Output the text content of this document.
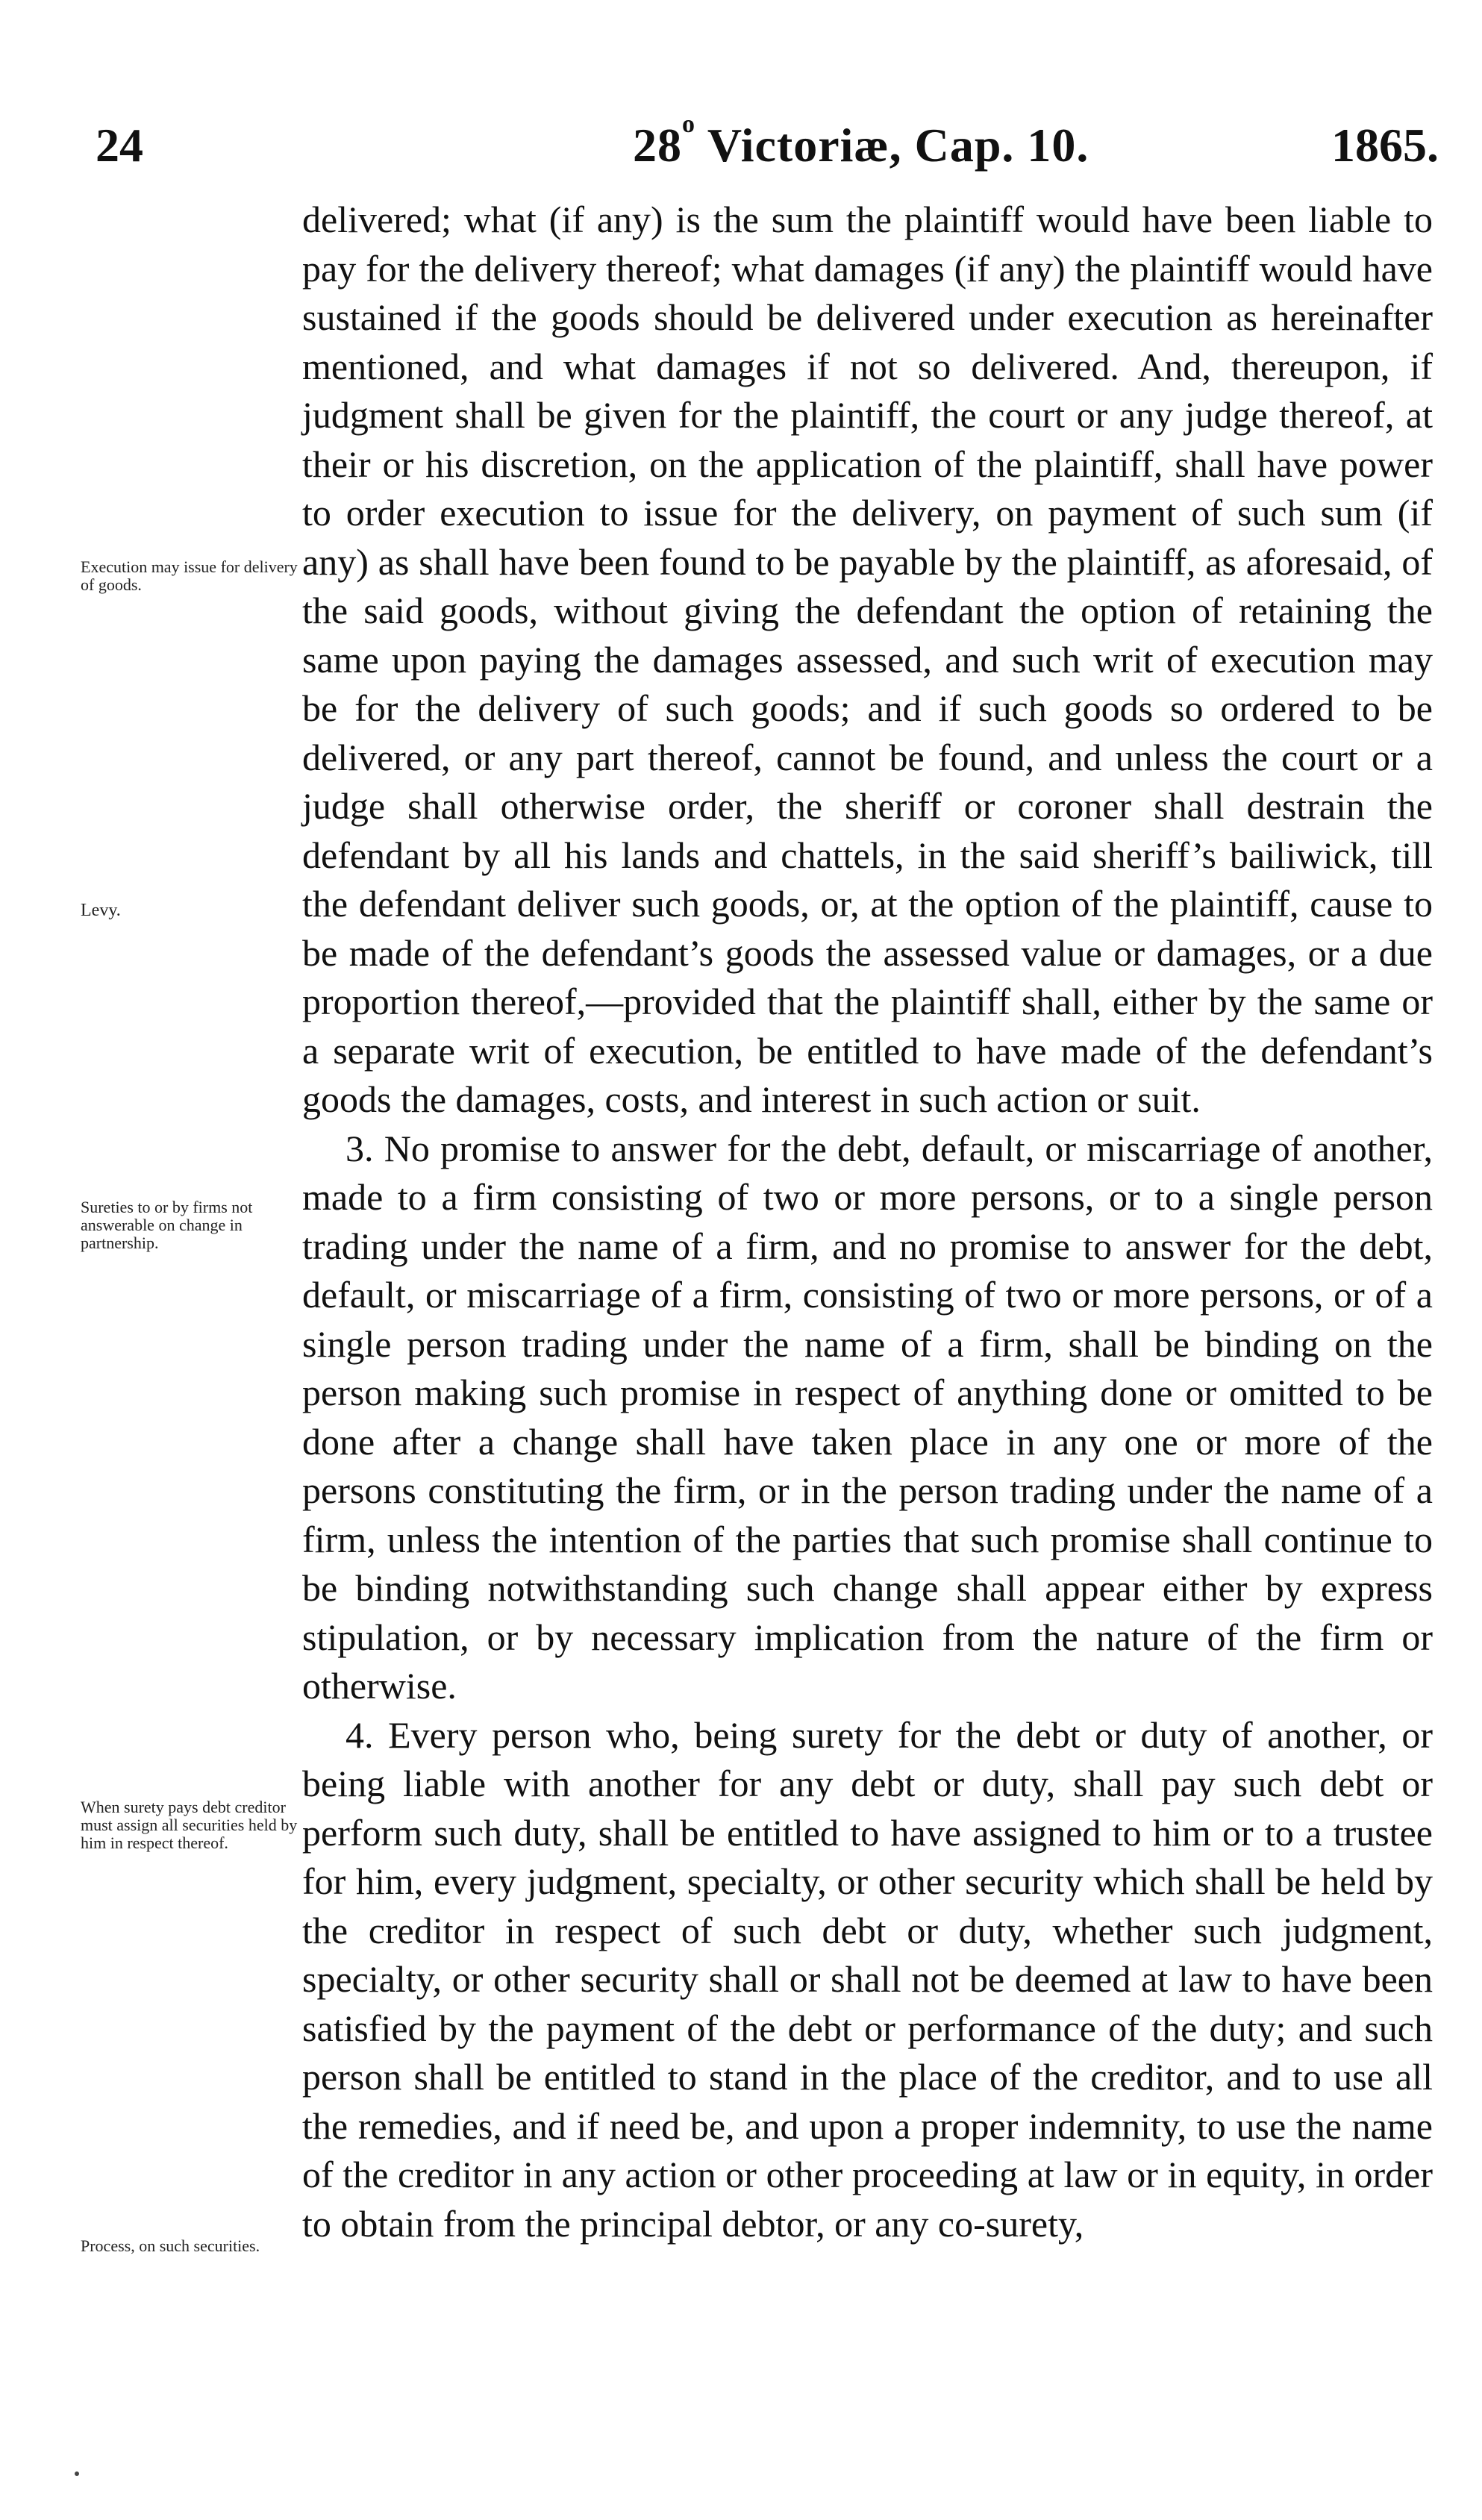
24	28$^o$ Victoriæ, Cap. 10.	1865.
Execution may issue for delivery of goods.
Levy.
Sureties to or by firms not answerable on change in partnership.
When surety pays debt creditor must assign all securities held by him in respect thereof.
Process, on such securities.

delivered; what (if any) is the sum the plaintiff would have been liable to pay for the delivery thereof; what damages (if any) the plaintiff would have sustained if the goods should be delivered under execution as hereinafter mentioned, and what damages if not so delivered. And, thereupon, if judgment shall be given for the plaintiff, the court or any judge thereof, at their or his discretion, on the application of the plaintiff, shall have power to order execution to issue for the delivery, on payment of such sum (if any) as shall have been found to be payable by the plaintiff, as aforesaid, of the said goods, without giving the defendant the option of retaining the same upon paying the damages assessed, and such writ of execution may be for the delivery of such goods; and if such goods so ordered to be delivered, or any part thereof, cannot be found, and unless the court or a judge shall otherwise order, the sheriff or coroner shall destrain the defendant by all his lands and chattels, in the said sheriff’s bailiwick, till the defendant deliver such goods, or, at the option of the plaintiff, cause to be made of the defendant’s goods the assessed value or damages, or a due proportion thereof,—provided that the plaintiff shall, either by the same or a separate writ of execution, be entitled to have made of the defendant’s goods the damages, costs, and interest in such action or suit.

3. No promise to answer for the debt, default, or miscarriage of another, made to a firm consisting of two or more persons, or to a single person trading under the name of a firm, and no promise to answer for the debt, default, or miscarriage of a firm, consisting of two or more persons, or of a single person trading under the name of a firm, shall be binding on the person making such promise in respect of anything done or omitted to be done after a change shall have taken place in any one or more of the persons constituting the firm, or in the person trading under the name of a firm, unless the intention of the parties that such promise shall continue to be binding notwithstanding such change shall appear either by express stipulation, or by necessary implication from the nature of the firm or otherwise.

4. Every person who, being surety for the debt or duty of another, or being liable with another for any debt or duty, shall pay such debt or perform such duty, shall be entitled to have assigned to him or to a trustee for him, every judgment, specialty, or other security which shall be held by the creditor in respect of such debt or duty, whether such judgment, specialty, or other security shall or shall not be deemed at law to have been satisfied by the payment of the debt or performance of the duty; and such person shall be entitled to stand in the place of the creditor, and to use all the remedies, and if need be, and upon a proper indemnity, to use the name of the creditor in any action or other proceeding at law or in equity, in order to obtain from the principal debtor, or any co-surety,
